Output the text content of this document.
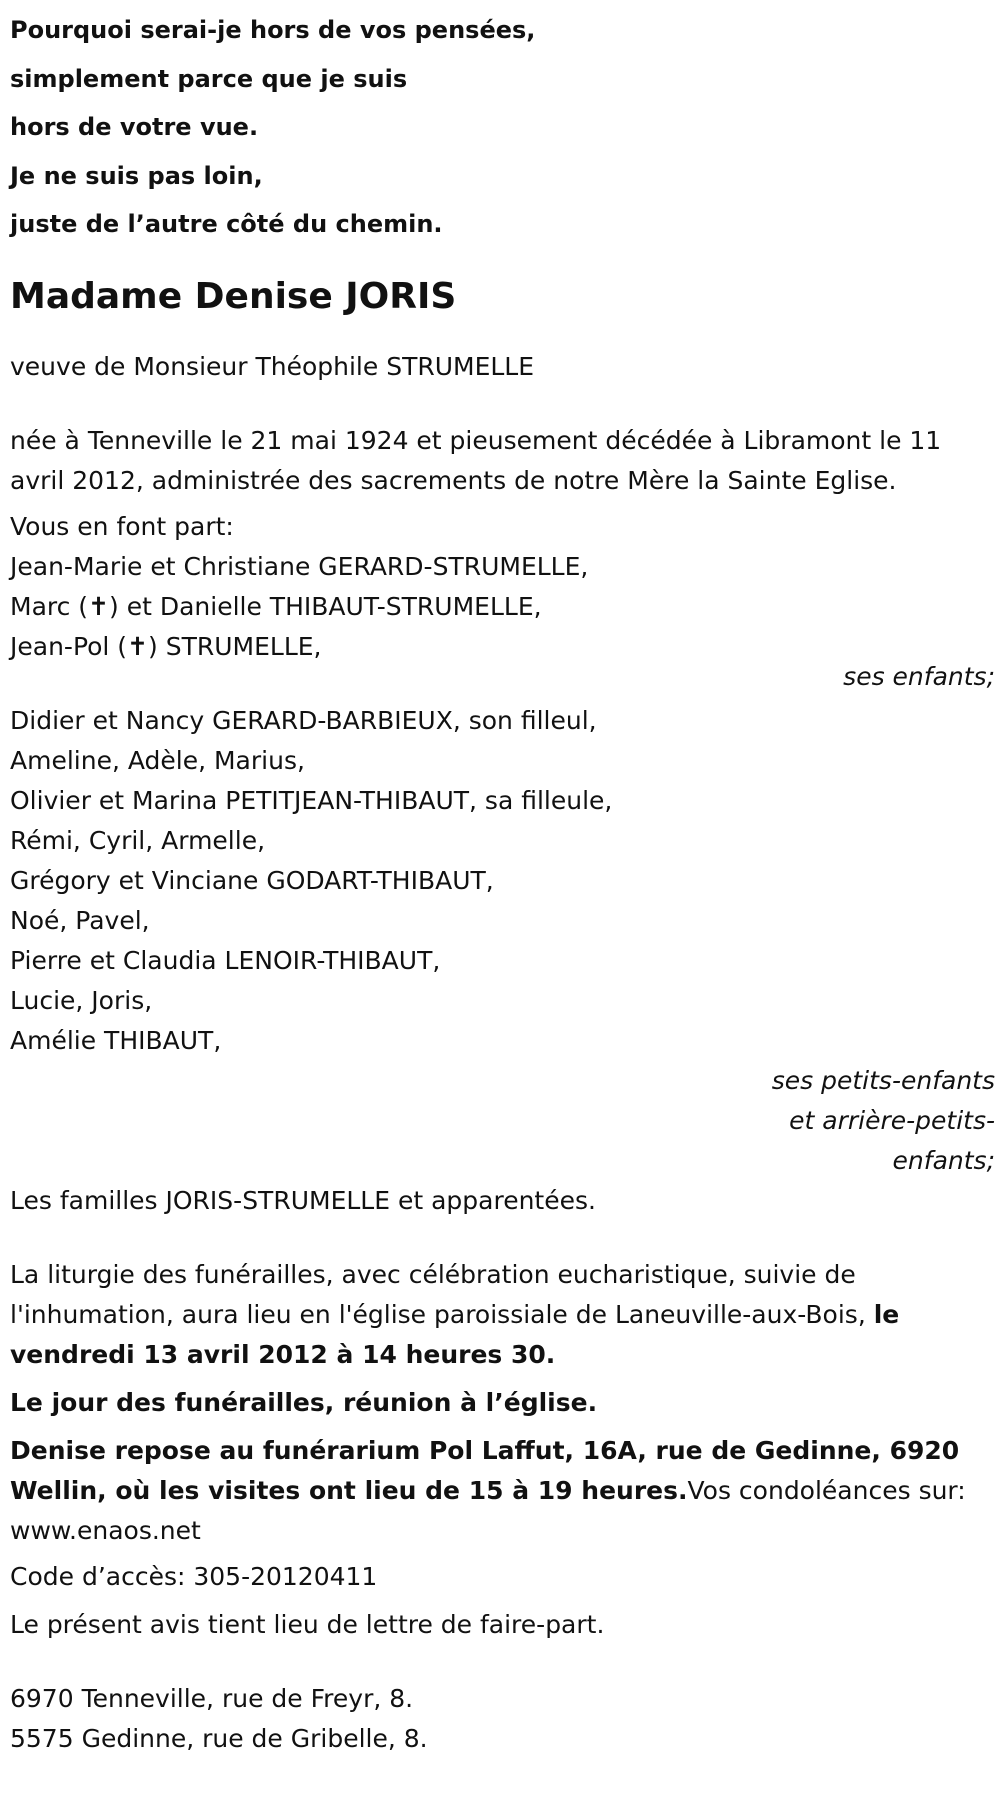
Pourquoi serai-je hors de vos pensées,
simplement parce que je suis
hors de votre vue.
Je ne suis pas loin,
juste de l’autre côté du chemin.
Madame Denise JORIS
veuve de Monsieur Théophile STRUMELLE
née à Tenneville le 21 mai 1924 et pieusement décédée à Libramont le 11
avril 2012, administrée des sacrements de notre Mère la Sainte Eglise.
Vous en font part:
Jean-Marie et Christiane GERARD-STRUMELLE,
Marc (✝) et Danielle THIBAUT-STRUMELLE,
Jean-Pol (✝) STRUMELLE,
ses enfants;
Didier et Nancy GERARD-BARBIEUX, son filleul,
Ameline, Adèle, Marius,
Olivier et Marina PETITJEAN-THIBAUT, sa filleule,
Rémi, Cyril, Armelle,
Grégory et Vinciane GODART-THIBAUT,
Noé, Pavel,
Pierre et Claudia LENOIR-THIBAUT,
Lucie, Joris,
Amélie THIBAUT,
ses petits-enfants
et arrière-petits-
enfants;
Les familles JORIS-STRUMELLE et apparentées.
La liturgie des funérailles, avec célébration eucharistique, suivie de
l'inhumation, aura lieu en l'église paroissiale de Laneuville-aux-Bois, le
vendredi 13 avril 2012 à 14 heures 30.
Le jour des funérailles, réunion à l’église.
Denise repose au funérarium Pol Laffut, 16A, rue de Gedinne, 6920
Wellin, où les visites ont lieu de 15 à 19 heures.Vos condoléances sur:
www.enaos.net
Code d’accès: 305-20120411
Le présent avis tient lieu de lettre de faire-part.
6970 Tenneville, rue de Freyr, 8.
5575 Gedinne, rue de Gribelle, 8.
